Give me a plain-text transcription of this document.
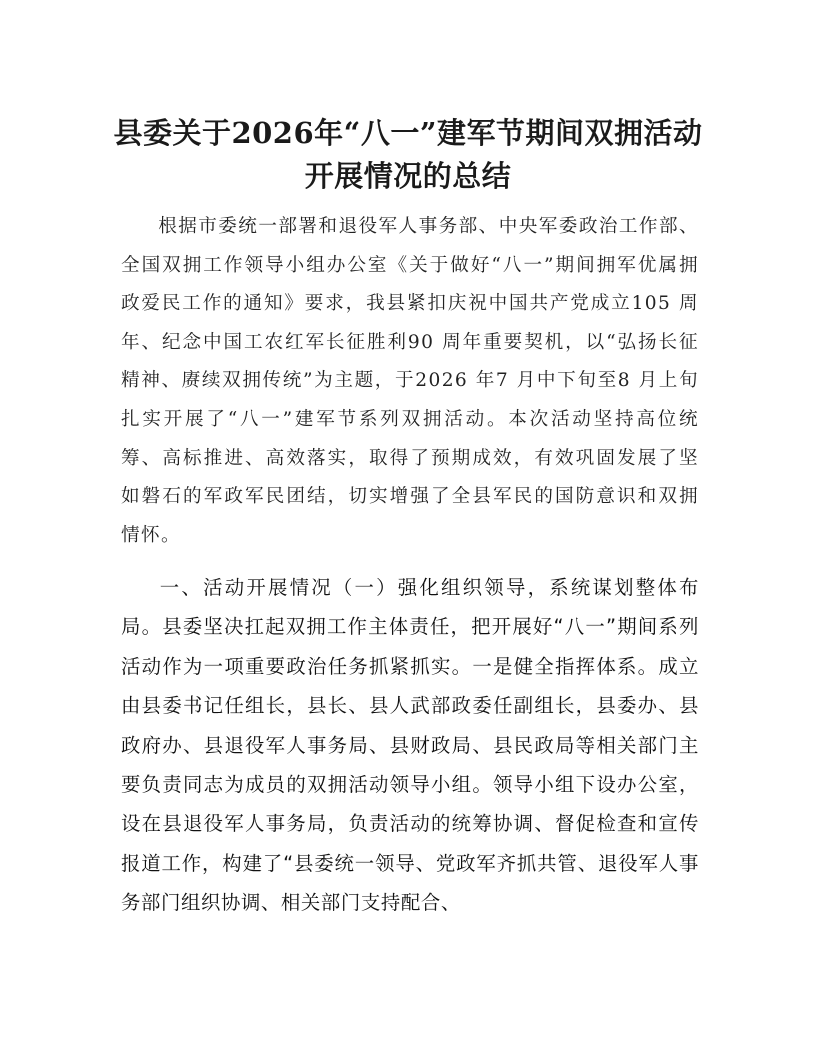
县委关于2026年“八一”建军节期间双拥活动开展情况的总结

根据市委统一部署和退役军人事务部、中央军委政治工作部、全国双拥工作领导小组办公室《关于做好“八一”期间拥军优属拥政爱民工作的通知》要求，我县紧扣庆祝中国共产党成立105 周年、纪念中国工农红军长征胜利90 周年重要契机，以“弘扬长征精神、赓续双拥传统”为主题，于2026 年7 月中下旬至8 月上旬扎实开展了“八一”建军节系列双拥活动。本次活动坚持高位统筹、高标推进、高效落实，取得了预期成效，有效巩固发展了坚如磐石的军政军民团结，切实增强了全县军民的国防意识和双拥情怀。

一、活动开展情况（一）强化组织领导，系统谋划整体布局。县委坚决扛起双拥工作主体责任，把开展好“八一”期间系列活动作为一项重要政治任务抓紧抓实。一是健全指挥体系。成立由县委书记任组长，县长、县人武部政委任副组长，县委办、县政府办、县退役军人事务局、县财政局、县民政局等相关部门主要负责同志为成员的双拥活动领导小组。领导小组下设办公室，设在县退役军人事务局，负责活动的统筹协调、督促检查和宣传报道工作，构建了“县委统一领导、党政军齐抓共管、退役军人事务部门组织协调、相关部门支持配合、
